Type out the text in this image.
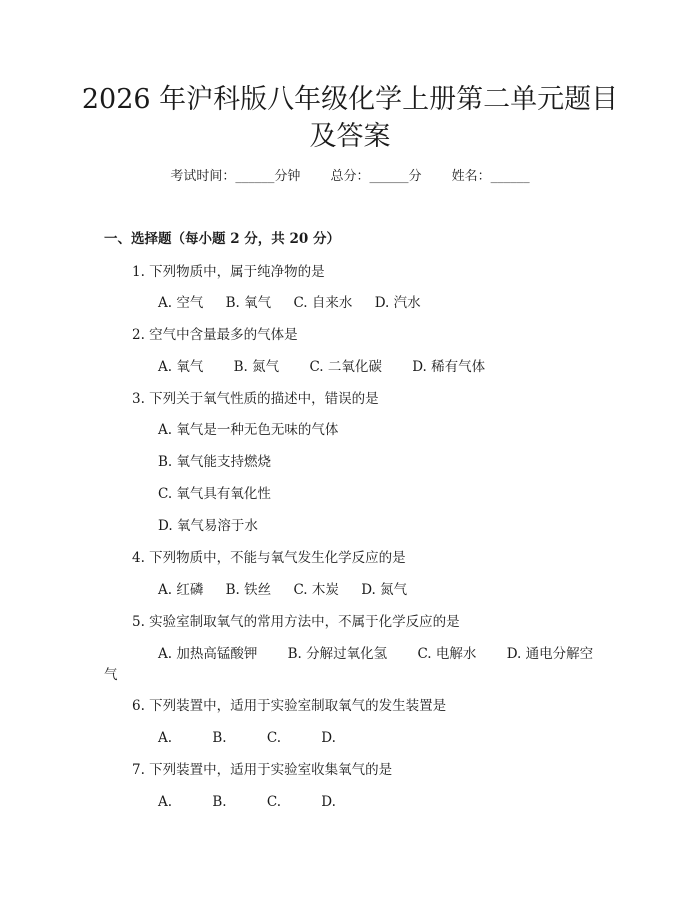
2026 年沪科版八年级化学上册第二单元题目
及答案
考试时间：______分钟 总分：______分 姓名：______
一、选择题（每小题 2 分，共 20 分）
1. 下列物质中，属于纯净物的是
A. 空气 B. 氧气 C. 自来水 D. 汽水
2. 空气中含量最多的气体是
A. 氧气 B. 氮气 C. 二氧化碳 D. 稀有气体
3. 下列关于氧气性质的描述中，错误的是
A. 氧气是一种无色无味的气体
B. 氧气能支持燃烧
C. 氧气具有氧化性
D. 氧气易溶于水
4. 下列物质中，不能与氧气发生化学反应的是
A. 红磷 B. 铁丝 C. 木炭 D. 氮气
5. 实验室制取氧气的常用方法中，不属于化学反应的是
A. 加热高锰酸钾 B. 分解过氧化氢 C. 电解水 D. 通电分解空
气
6. 下列装置中，适用于实验室制取氧气的发生装置是
A.	B.	C.	D.
7. 下列装置中，适用于实验室收集氧气的是
A.	B.	C.	D.
